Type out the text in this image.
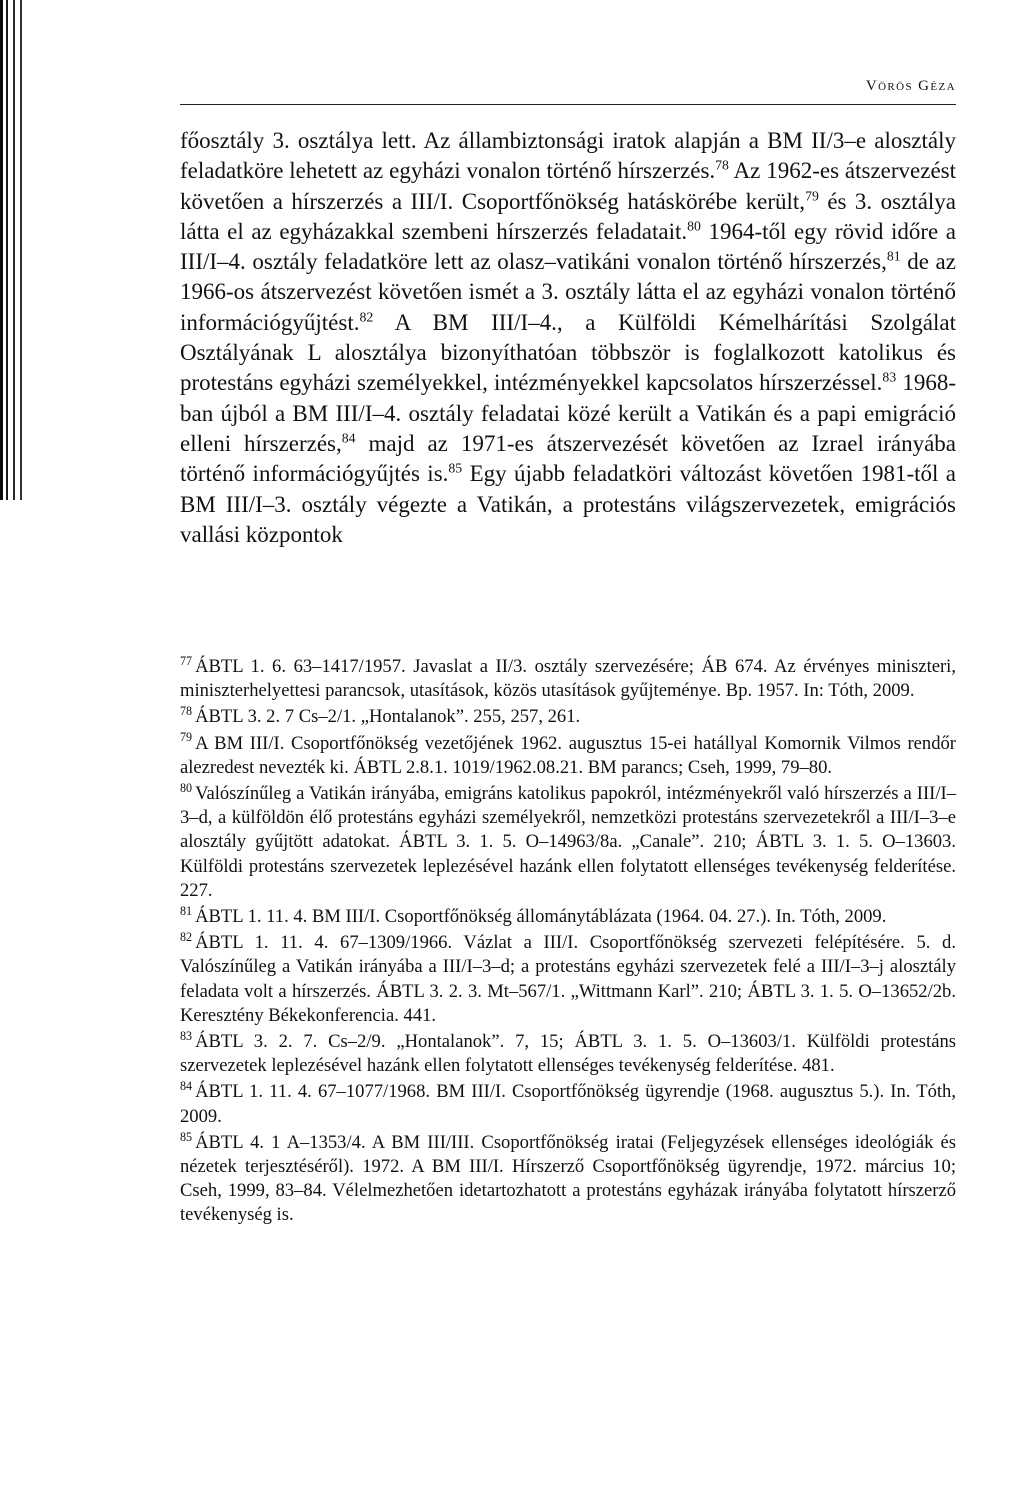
Vörös Géza
főosztály 3. osztálya lett. Az állambiztonsági iratok alapján a BM II/3–e alosztály feladatköre lehetett az egyházi vonalon történő hírszerzés.$^{78}$ Az 1962-es átszervezést követően a hírszerzés a III/I. Csoportfőnökség hatáskörébe került,$^{79}$ és 3. osztálya látta el az egyházakkal szembeni hírszerzés feladatait.$^{80}$ 1964-től egy rövid időre a III/I–4. osztály feladatköre lett az olasz–vatikáni vonalon történő hírszerzés,$^{81}$ de az 1966-os átszervezést követően ismét a 3. osztály látta el az egyházi vonalon történő információgyűjtést.$^{82}$ A BM III/I–4., a Külföldi Kémelhárítási Szolgálat Osztályának L alosztálya bizonyíthatóan többször is foglalkozott katolikus és protestáns egyházi személyekkel, intézményekkel kapcsolatos hírszerzéssel.$^{83}$ 1968-ban újból a BM III/I–4. osztály feladatai közé került a Vatikán és a papi emigráció elleni hírszerzés,$^{84}$ majd az 1971-es átszervezését követően az Izrael irányába történő információgyűjtés is.$^{85}$ Egy újabb feladatköri változást követően 1981-től a BM III/I–3. osztály végezte a Vatikán, a protestáns világszervezetek, emigrációs vallási központok
$^{77}$ ÁBTL 1. 6. 63–1417/1957. Javaslat a II/3. osztály szervezésére; ÁB 674. Az érvényes miniszteri, miniszterhelyettesi parancsok, utasítások, közös utasítások gyűjteménye. Bp. 1957. In: Tóth, 2009.
$^{78}$ ÁBTL 3. 2. 7 Cs–2/1. „Hontalanok”. 255, 257, 261.
$^{79}$ A BM III/I. Csoportfőnökség vezetőjének 1962. augusztus 15-ei hatállyal Komornik Vilmos rendőr alezredest nevezték ki. ÁBTL 2.8.1. 1019/1962.08.21. BM parancs; Cseh, 1999, 79–80.
$^{80}$ Valószínűleg a Vatikán irányába, emigráns katolikus papokról, intézményekről való hírszerzés a III/I–3–d, a külföldön élő protestáns egyházi személyekről, nemzetközi protestáns szervezetekről a III/I–3–e alosztály gyűjtött adatokat. ÁBTL 3. 1. 5. O–14963/8a. „Canale”. 210; ÁBTL 3. 1. 5. O–13603. Külföldi protestáns szervezetek leplezésével hazánk ellen folytatott ellenséges tevékenység felderítése. 227.
$^{81}$ ÁBTL 1. 11. 4. BM III/I. Csoportfőnökség állománytáblázata (1964. 04. 27.). In. Tóth, 2009.
$^{82}$ ÁBTL 1. 11. 4. 67–1309/1966. Vázlat a III/I. Csoportfőnökség szervezeti felépítésére. 5. d. Valószínűleg a Vatikán irányába a III/I–3–d; a protestáns egyházi szervezetek felé a III/I–3–j alosztály feladata volt a hírszerzés. ÁBTL 3. 2. 3. Mt–567/1. „Wittmann Karl”. 210; ÁBTL 3. 1. 5. O–13652/2b. Keresztény Békekonferencia. 441.
$^{83}$ ÁBTL 3. 2. 7. Cs–2/9. „Hontalanok”. 7, 15; ÁBTL 3. 1. 5. O–13603/1. Külföldi protestáns szervezetek leplezésével hazánk ellen folytatott ellenséges tevékenység felderítése. 481.
$^{84}$ ÁBTL 1. 11. 4. 67–1077/1968. BM III/I. Csoportfőnökség ügyrendje (1968. augusztus 5.). In. Tóth, 2009.
$^{85}$ ÁBTL 4. 1 A–1353/4. A BM III/III. Csoportfőnökség iratai (Feljegyzések ellenséges ideológiák és nézetek terjesztéséről). 1972. A BM III/I. Hírszerző Csoportfőnökség ügyrendje, 1972. március 10; Cseh, 1999, 83–84. Vélelmezhetően idetartozhatott a protestáns egyházak irányába folytatott hírszerző tevékenység is.
